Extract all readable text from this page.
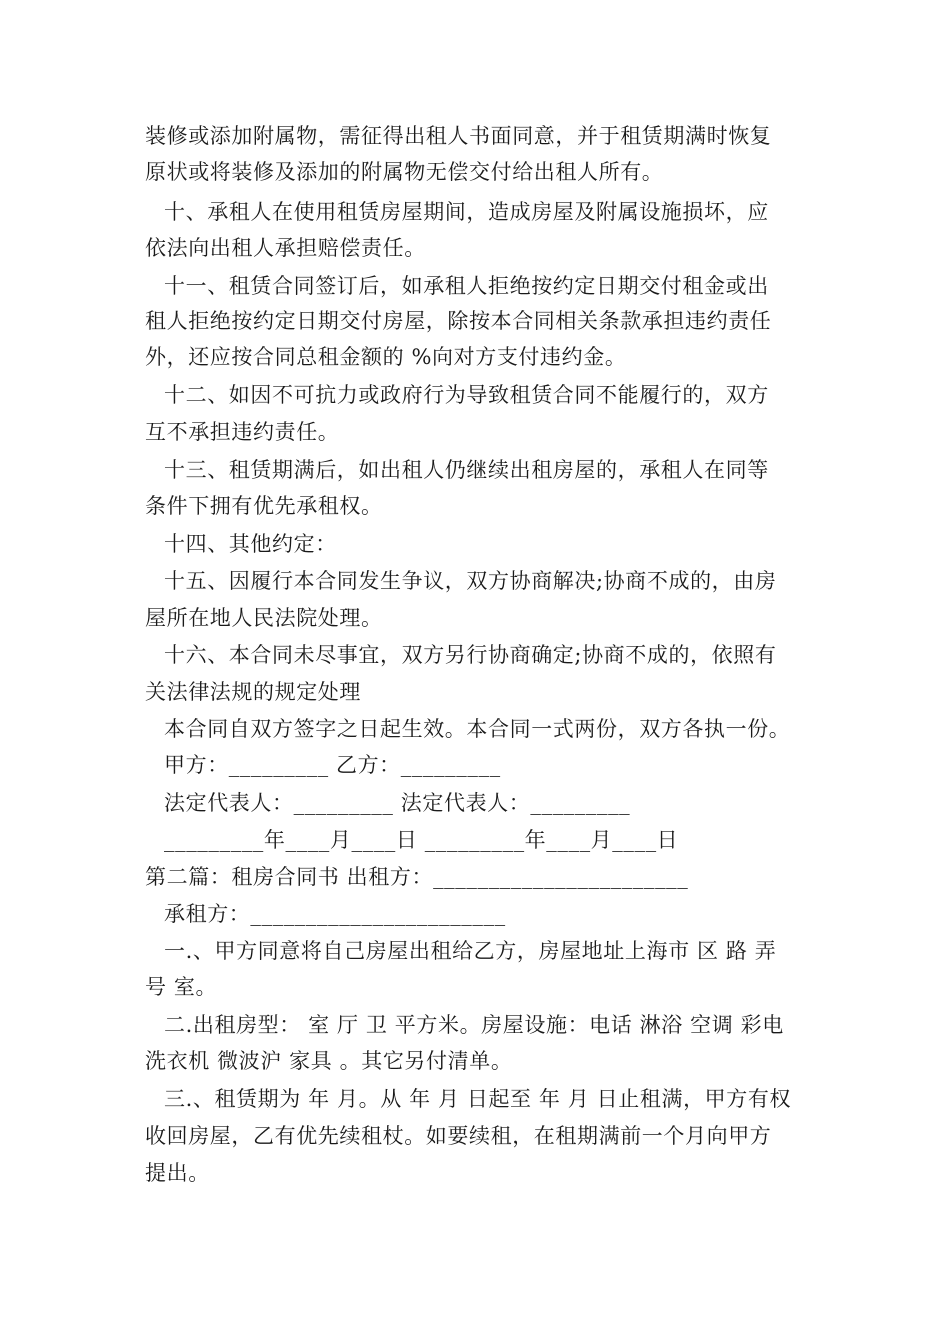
装修或添加附属物，需征得出租人书面同意，并于租赁期满时恢复
原状或将装修及添加的附属物无偿交付给出租人所有。
十、承租人在使用租赁房屋期间，造成房屋及附属设施损坏，应
依法向出租人承担赔偿责任。
十一、租赁合同签订后，如承租人拒绝按约定日期交付租金或出
租人拒绝按约定日期交付房屋，除按本合同相关条款承担违约责任
外，还应按合同总租金额的 %向对方支付违约金。
十二、如因不可抗力或政府行为导致租赁合同不能履行的，双方
互不承担违约责任。
十三、租赁期满后，如出租人仍继续出租房屋的，承租人在同等
条件下拥有优先承租权。
十四、其他约定：
十五、因履行本合同发生争议，双方协商解决;协商不成的，由房
屋所在地人民法院处理。
十六、本合同未尽事宜，双方另行协商确定;协商不成的，依照有
关法律法规的规定处理
本合同自双方签字之日起生效。本合同一式两份，双方各执一份。
甲方：_________ 乙方：_________
法定代表人：_________ 法定代表人：_________
_________年____月____日 _________年____月____日
第二篇：租房合同书 出租方：_______________________
承租方：_______________________
一.、甲方同意将自己房屋出租给乙方，房屋地址上海市 区 路 弄
号 室。
二.出租房型： 室 厅 卫 平方米。房屋设施：电话 淋浴 空调 彩电
洗衣机 微波沪 家具 。其它另付清单。
三.、租赁期为 年 月。从 年 月 日起至 年 月 日止租满，甲方有权
收回房屋，乙有优先续租杖。如要续租，在租期满前一个月向甲方
提出。
